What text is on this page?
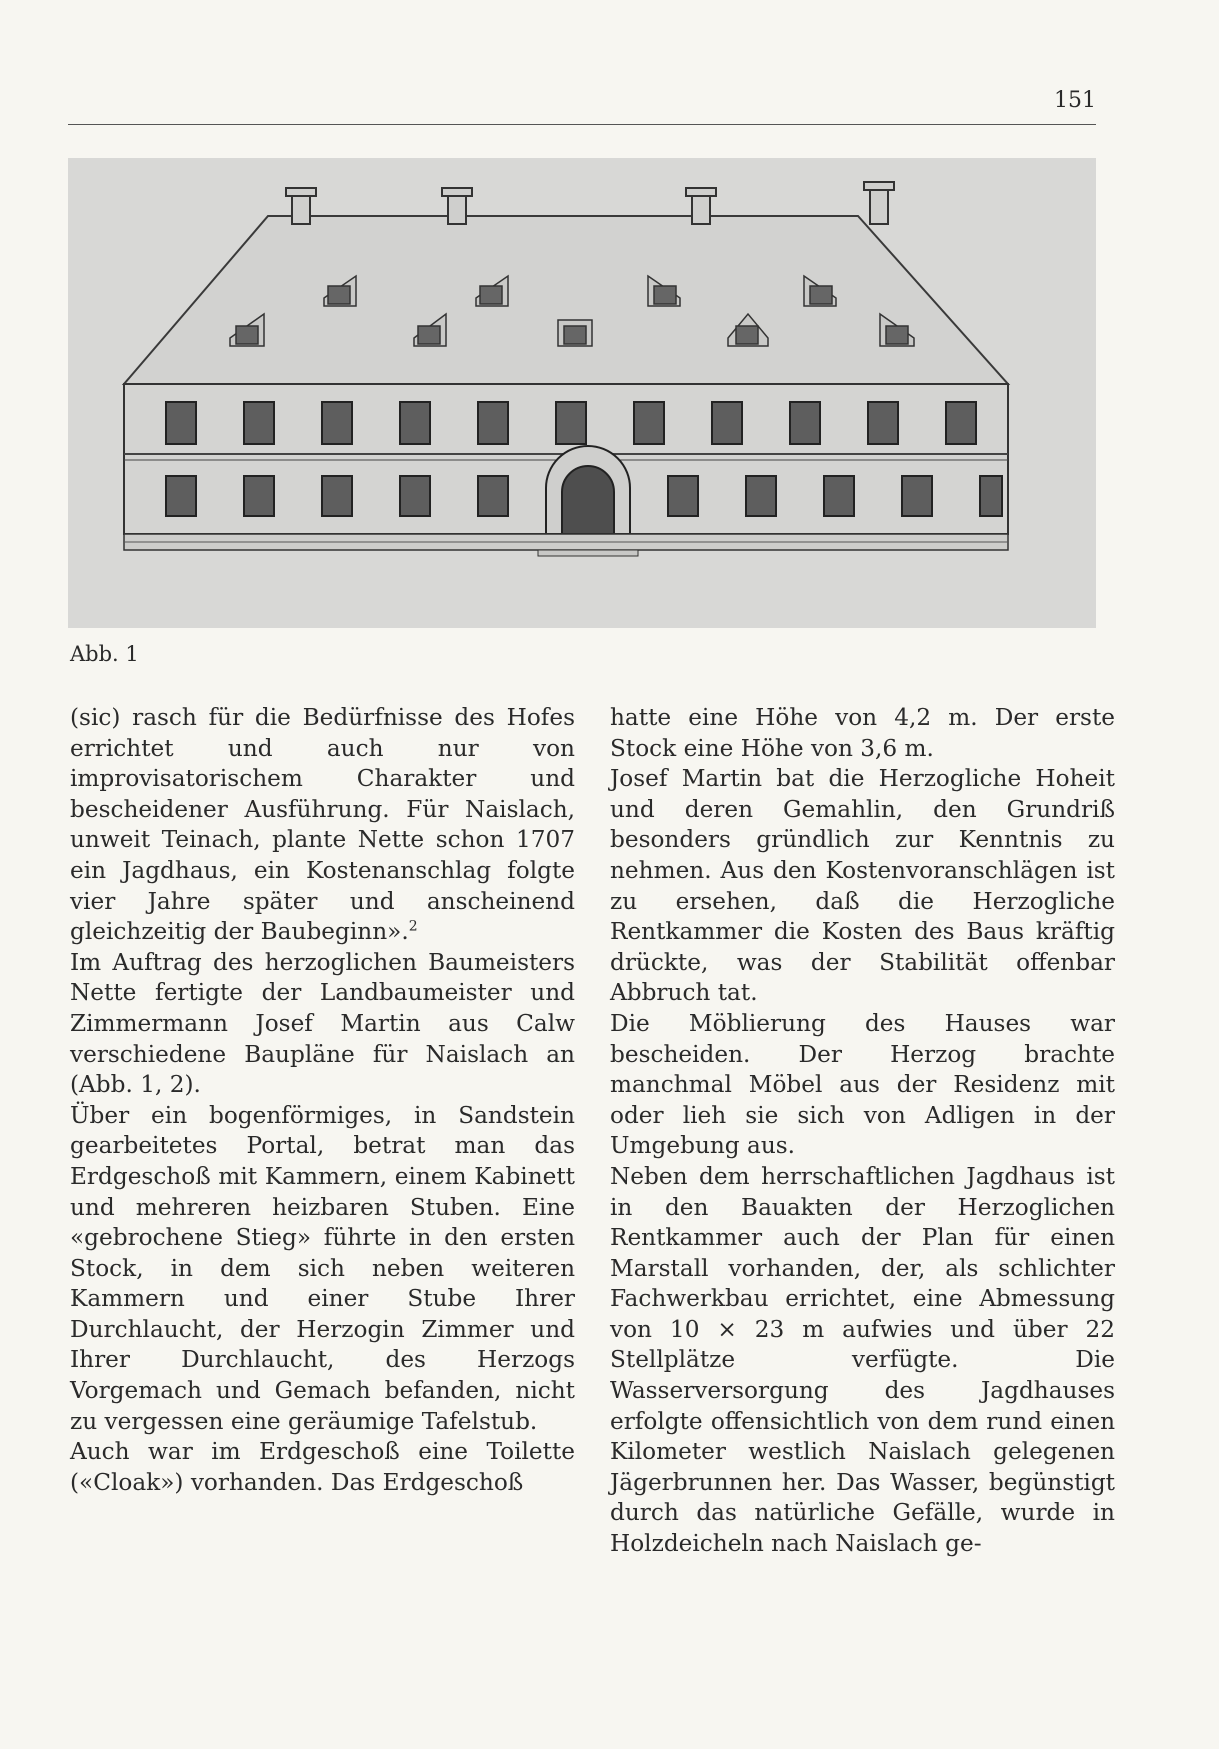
151
Abb. 1

(sic) rasch für die Bedürfnisse des Hofes errichtet und auch nur von improvisatorischem Charakter und bescheidener Ausführung. Für Naislach, unweit Teinach, plante Nette schon 1707 ein Jagdhaus, ein Kostenanschlag folgte vier Jahre später und anscheinend gleichzeitig der Baubeginn».$^2$

Im Auftrag des herzoglichen Baumeisters Nette fertigte der Landbaumeister und Zimmermann Josef Martin aus Calw verschiedene Baupläne für Naislach an (Abb. 1, 2).

Über ein bogenförmiges, in Sandstein gearbeitetes Portal, betrat man das Erdgeschoß mit Kammern, einem Kabinett und mehreren heizbaren Stuben. Eine «gebrochene Stieg» führte in den ersten Stock, in dem sich neben weiteren Kammern und einer Stube Ihrer Durchlaucht, der Herzogin Zimmer und Ihrer Durchlaucht, des Herzogs Vorgemach und Gemach befanden, nicht zu vergessen eine geräumige Tafelstub.

Auch war im Erdgeschoß eine Toilette («Cloak») vorhanden. Das Erdgeschoß

hatte eine Höhe von 4,2 m. Der erste Stock eine Höhe von 3,6 m.

Josef Martin bat die Herzogliche Hoheit und deren Gemahlin, den Grundriß besonders gründlich zur Kenntnis zu nehmen. Aus den Kostenvoranschlägen ist zu ersehen, daß die Herzogliche Rentkammer die Kosten des Baus kräftig drückte, was der Stabilität offenbar Abbruch tat.

Die Möblierung des Hauses war bescheiden. Der Herzog brachte manchmal Möbel aus der Residenz mit oder lieh sie sich von Adligen in der Umgebung aus.

Neben dem herrschaftlichen Jagdhaus ist in den Bauakten der Herzoglichen Rentkammer auch der Plan für einen Marstall vorhanden, der, als schlichter Fachwerkbau errichtet, eine Abmessung von 10 × 23 m aufwies und über 22 Stellplätze verfügte. Die Wasserversorgung des Jagdhauses erfolgte offensichtlich von dem rund einen Kilometer westlich Naislach gelegenen Jägerbrunnen her. Das Wasser, begünstigt durch das natürliche Gefälle, wurde in Holzdeicheln nach Naislach ge-
